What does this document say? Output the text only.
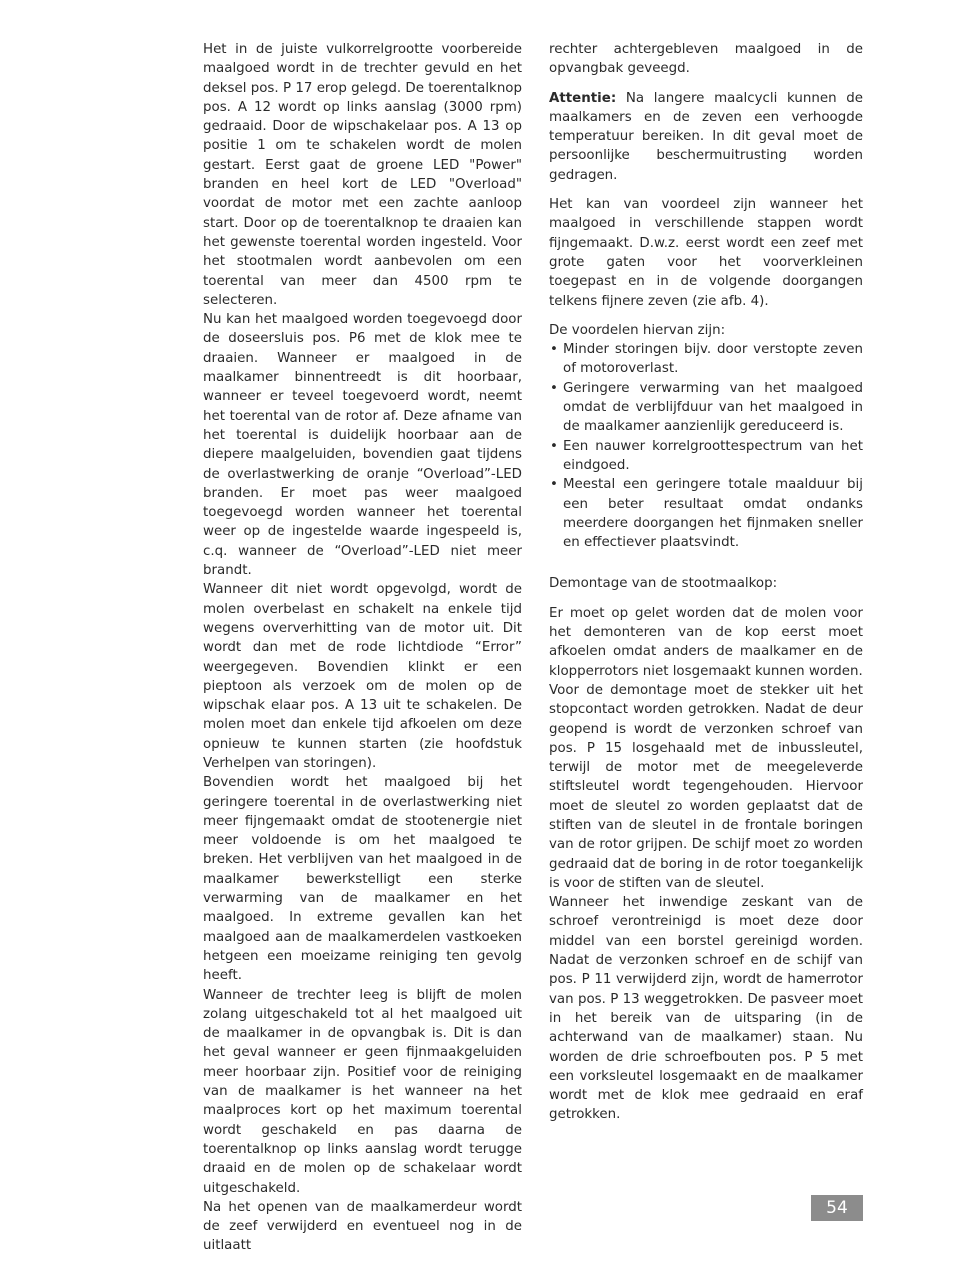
Het in de juiste vulkorrelgrootte voorbereide maalgoed wordt in de trechter gevuld en het deksel pos. P 17 erop gelegd. De toerentalknop pos. A 12 wordt op links aanslag (3000 rpm) gedraaid. Door de wipschakelaar pos. A 13 op positie 1 om te schakelen wordt de molen gestart. Eerst gaat de groene LED "Power" branden en heel kort de LED "Overload" voordat de motor met een zachte aanloop start. Door op de toerentalknop te draaien kan het gewenste toerental worden ingesteld. Voor het stootmalen wordt aanbevolen om een toerental van meer dan 4500 rpm te selecteren.

Nu kan het maalgoed worden toegevoegd door de doseersluis pos. P6 met de klok mee te draaien. Wanneer er maalgoed in de maalkamer binnentreedt is dit hoorbaar, wanneer er teveel toegevoerd wordt, neemt het toerental van de rotor af. Deze afname van het toerental is duidelijk hoorbaar aan de diepere maalgeluiden, bovendien gaat tijdens de overlastwerking de oranje “Overload”-LED branden. Er moet pas weer maalgoed toegevoegd worden wanneer het toerental weer op de ingestelde waarde ingespeeld is, c.q. wanneer de “Overload”-LED niet meer brandt.

Wanneer dit niet wordt opgevolgd, wordt de molen overbelast en schakelt na enkele tijd wegens oververhitting van de motor uit. Dit wordt dan met de rode lichtdiode “Error” weergegeven. Bovendien klinkt er een pieptoon als verzoek om de molen op de wipschak elaar pos. A 13 uit te schakelen. De molen moet dan enkele tijd afkoelen om deze opnieuw te kunnen starten (zie hoofdstuk Verhelpen van storingen).

Bovendien wordt het maalgoed bij het geringere toerental in de overlastwerking niet meer fijngemaakt omdat de stootenergie niet meer voldoende is om het maalgoed te breken. Het verblijven van het maalgoed in de maalkamer bewerkstelligt een sterke verwarming van de maalkamer en het maalgoed. In extreme gevallen kan het maalgoed aan de maalkamerdelen vastkoeken hetgeen een moeizame reiniging ten gevolg heeft.

Wanneer de trechter leeg is blijft de molen zolang uitgeschakeld tot al het maalgoed uit de maalkamer in de opvangbak is. Dit is dan het geval wanneer er geen fijnmaakgeluiden meer hoorbaar zijn. Positief voor de reiniging van de maalkamer is het wanneer na het maalproces kort op het maximum toerental wordt geschakeld en pas daarna de toerentalknop op links aanslag wordt terugge draaid en de molen op de schakelaar wordt uitgeschakeld.

Na het openen van de maalkamerdeur wordt de zeef verwijderd en eventueel nog in de uitlaatt

rechter achtergebleven maalgoed in de opvangbak geveegd.

Attentie: Na langere maalcycli kunnen de maalkamers en de zeven een verhoogde temperatuur bereiken. In dit geval moet de persoonlijke beschermuitrusting worden gedragen.

Het kan van voordeel zijn wanneer het maalgoed in verschillende stappen wordt fijngemaakt. D.w.z. eerst wordt een zeef met grote gaten voor het voorverkleinen toegepast en in de volgende doorgangen telkens fijnere zeven (zie afb. 4).

De voordelen hiervan zijn:

• Minder storingen bijv. door verstopte zeven of motoroverlast.
• Geringere verwarming van het maalgoed omdat de verblijfduur van het maalgoed in de maalkamer aanzienlijk gereduceerd is.
• Een nauwer korrelgroottespectrum van het eindgoed.
• Meestal een geringere totale maalduur bij een beter resultaat omdat ondanks meerdere doorgangen het fijnmaken sneller en effectiever plaatsvindt.

Demontage van de stootmaalkop:

Er moet op gelet worden dat de molen voor het demonteren van de kop eerst moet afkoelen omdat anders de maalkamer en de klopperrotors niet losgemaakt kunnen worden.

Voor de demontage moet de stekker uit het stopcontact worden getrokken. Nadat de deur geopend is wordt de verzonken schroef van pos. P 15 losgehaald met de inbussleutel, terwijl de motor met de meegeleverde stiftsleutel wordt tegengehouden. Hiervoor moet de sleutel zo worden geplaatst dat de stiften van de sleutel in de frontale boringen van de rotor grijpen. De schijf moet zo worden gedraaid dat de boring in de rotor toegankelijk is voor de stiften van de sleutel.

Wanneer het inwendige zeskant van de schroef verontreinigd is moet deze door middel van een borstel gereinigd worden. Nadat de verzonken schroef en de schijf van pos. P 11 verwijderd zijn, wordt de hamerrotor van pos. P 13 weggetrokken. De pasveer moet in het bereik van de uitsparing (in de achterwand van de maalkamer) staan. Nu worden de drie schroefbouten pos. P 5 met een vorksleutel losgemaakt en de maalkamer wordt met de klok mee gedraaid en eraf getrokken.

54
